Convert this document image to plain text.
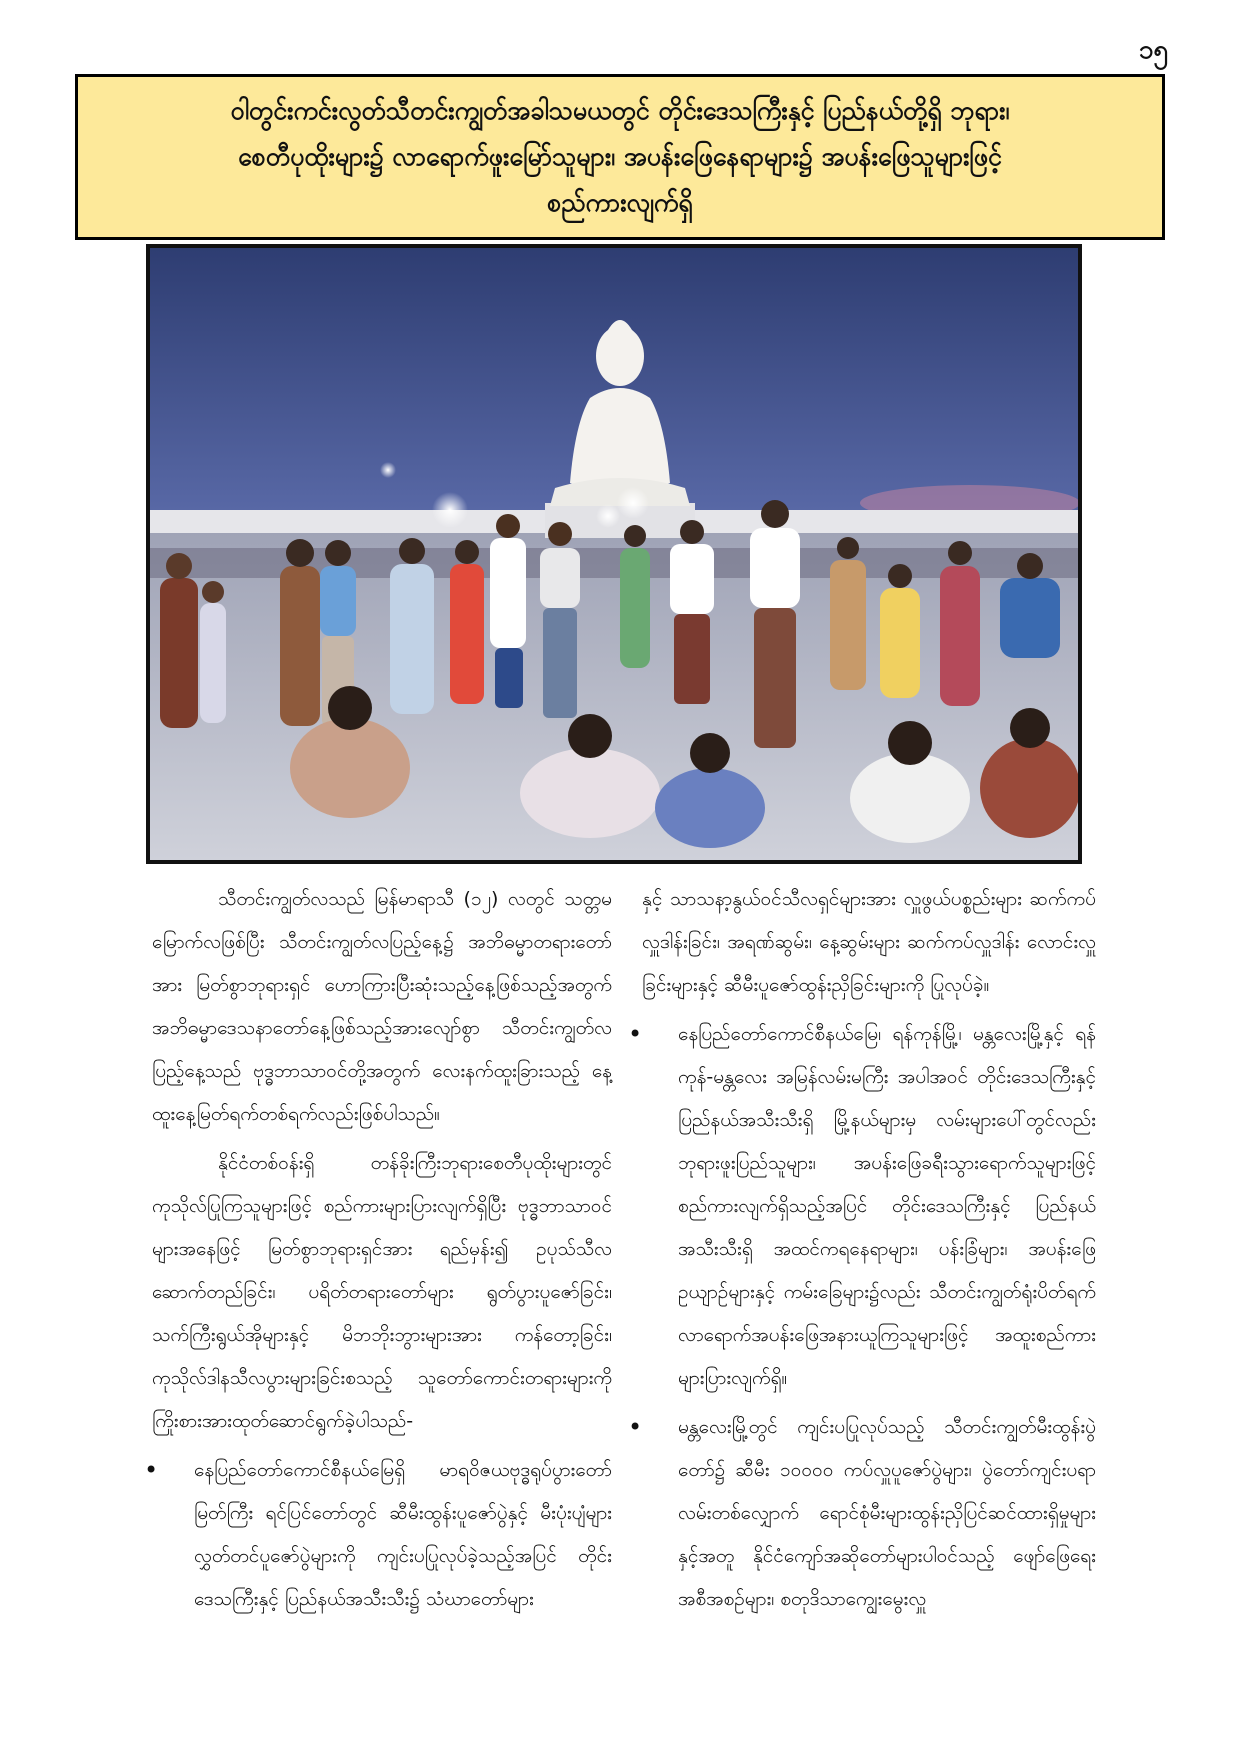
၁၅

ဝါတွင်းကင်းလွတ်သီတင်းကျွတ်အခါသမယတွင် တိုင်းဒေသကြီးနှင့် ပြည်နယ်တို့ရှိ ဘုရား၊
စေတီပုထိုးများ၌ လာရောက်ဖူးမြော်သူများ၊ အပန်းဖြေနေရာများ၌ အပန်းဖြေသူများဖြင့်
စည်ကားလျက်ရှိ

သီတင်းကျွတ်လသည် မြန်မာရာသီ (၁၂) လတွင် သတ္တမမြောက်လဖြစ်ပြီး သီတင်းကျွတ်လပြည့်နေ့၌ အဘိဓမ္မာတရားတော်အား မြတ်စွာဘုရားရှင် ဟောကြားပြီးဆုံးသည့်နေ့ဖြစ်သည့်အတွက် အဘိဓမ္မာဒေသနာတော်နေ့ဖြစ်သည့်အားလျော်စွာ သီတင်းကျွတ်လပြည့်နေ့သည် ဗုဒ္ဓဘာသာဝင်တို့အတွက် လေးနက်ထူးခြားသည့် နေ့ထူးနေ့မြတ်ရက်တစ်ရက်လည်းဖြစ်ပါသည်။

နိုင်ငံတစ်ဝန်းရှိ တန်ခိုးကြီးဘုရားစေတီပုထိုးများတွင် ကုသိုလ်ပြုကြသူများဖြင့် စည်ကားများပြားလျက်ရှိပြီး ဗုဒ္ဓဘာသာဝင်များအနေဖြင့် မြတ်စွာဘုရားရှင်အား ရည်မှန်း၍ ဥပုသ်သီလ ဆောက်တည်ခြင်း၊ ပရိတ်တရားတော်များ ရွတ်ပွားပူဇော်ခြင်း၊ သက်ကြီးရွယ်အိုများနှင့် မိဘဘိုးဘွားများအား ကန်တော့ခြင်း၊ ကုသိုလ်ဒါနသီလပွားများခြင်းစသည့် သူတော်ကောင်းတရားများကို ကြိုးစားအားထုတ်ဆောင်ရွက်ခဲ့ပါသည်-

• နေပြည်တော်ကောင်စီနယ်မြေရှိ မာရဝိဇယဗုဒ္ဓရုပ်ပွားတော်မြတ်ကြီး ရင်ပြင်တော်တွင် ဆီမီးထွန်းပူဇော်ပွဲနှင့် မီးပုံးပျံများ လွှတ်တင်ပူဇော်ပွဲများကို ကျင်းပပြုလုပ်ခဲ့သည့်အပြင် တိုင်းဒေသကြီးနှင့် ပြည်နယ်အသီးသီး၌ သံဃာတော်များ
နှင့် သာသနာ့နွယ်ဝင်သီလရှင်များအား လှူဖွယ်ပစ္စည်းများ ဆက်ကပ်လှူဒါန်းခြင်း၊ အရဏ်ဆွမ်း၊ နေ့ဆွမ်းများ ဆက်ကပ်လှူဒါန်း လောင်းလှူခြင်းများနှင့် ဆီမီးပူဇော်ထွန်းညှိခြင်းများကို ပြုလုပ်ခဲ့။
• နေပြည်တော်ကောင်စီနယ်မြေ၊ ရန်ကုန်မြို့၊ မန္တလေးမြို့နှင့် ရန်ကုန်-မန္တလေး အမြန်လမ်းမကြီး အပါအဝင် တိုင်းဒေသကြီးနှင့် ပြည်နယ်အသီးသီးရှိ မြို့နယ်များမှ လမ်းများပေါ်တွင်လည်း ဘုရားဖူးပြည်သူများ၊ အပန်းဖြေခရီးသွားရောက်သူများဖြင့် စည်ကားလျက်ရှိသည့်အပြင် တိုင်းဒေသကြီးနှင့် ပြည်နယ်အသီးသီးရှိ အထင်ကရနေရာများ၊ ပန်းခြံများ၊ အပန်းဖြေဥယျာဉ်များနှင့် ကမ်းခြေများ၌လည်း သီတင်းကျွတ်ရုံးပိတ်ရက် လာရောက်အပန်းဖြေအနားယူကြသူများဖြင့် အထူးစည်ကားများပြားလျက်ရှိ။
• မန္တလေးမြို့တွင် ကျင်းပပြုလုပ်သည့် သီတင်းကျွတ်မီးထွန်းပွဲတော်၌ ဆီမီး ၁၀၀၀၀ ကပ်လှူပူဇော်ပွဲများ၊ ပွဲတော်ကျင်းပရာ လမ်းတစ်လျှောက် ရောင်စုံမီးများထွန်းညှိပြင်ဆင်ထားရှိမှုများနှင့်အတူ နိုင်ငံကျော်အဆိုတော်များပါဝင်သည့် ဖျော်ဖြေရေးအစီအစဉ်များ၊ စတုဒိသာကျွေးမွေးလှူ
